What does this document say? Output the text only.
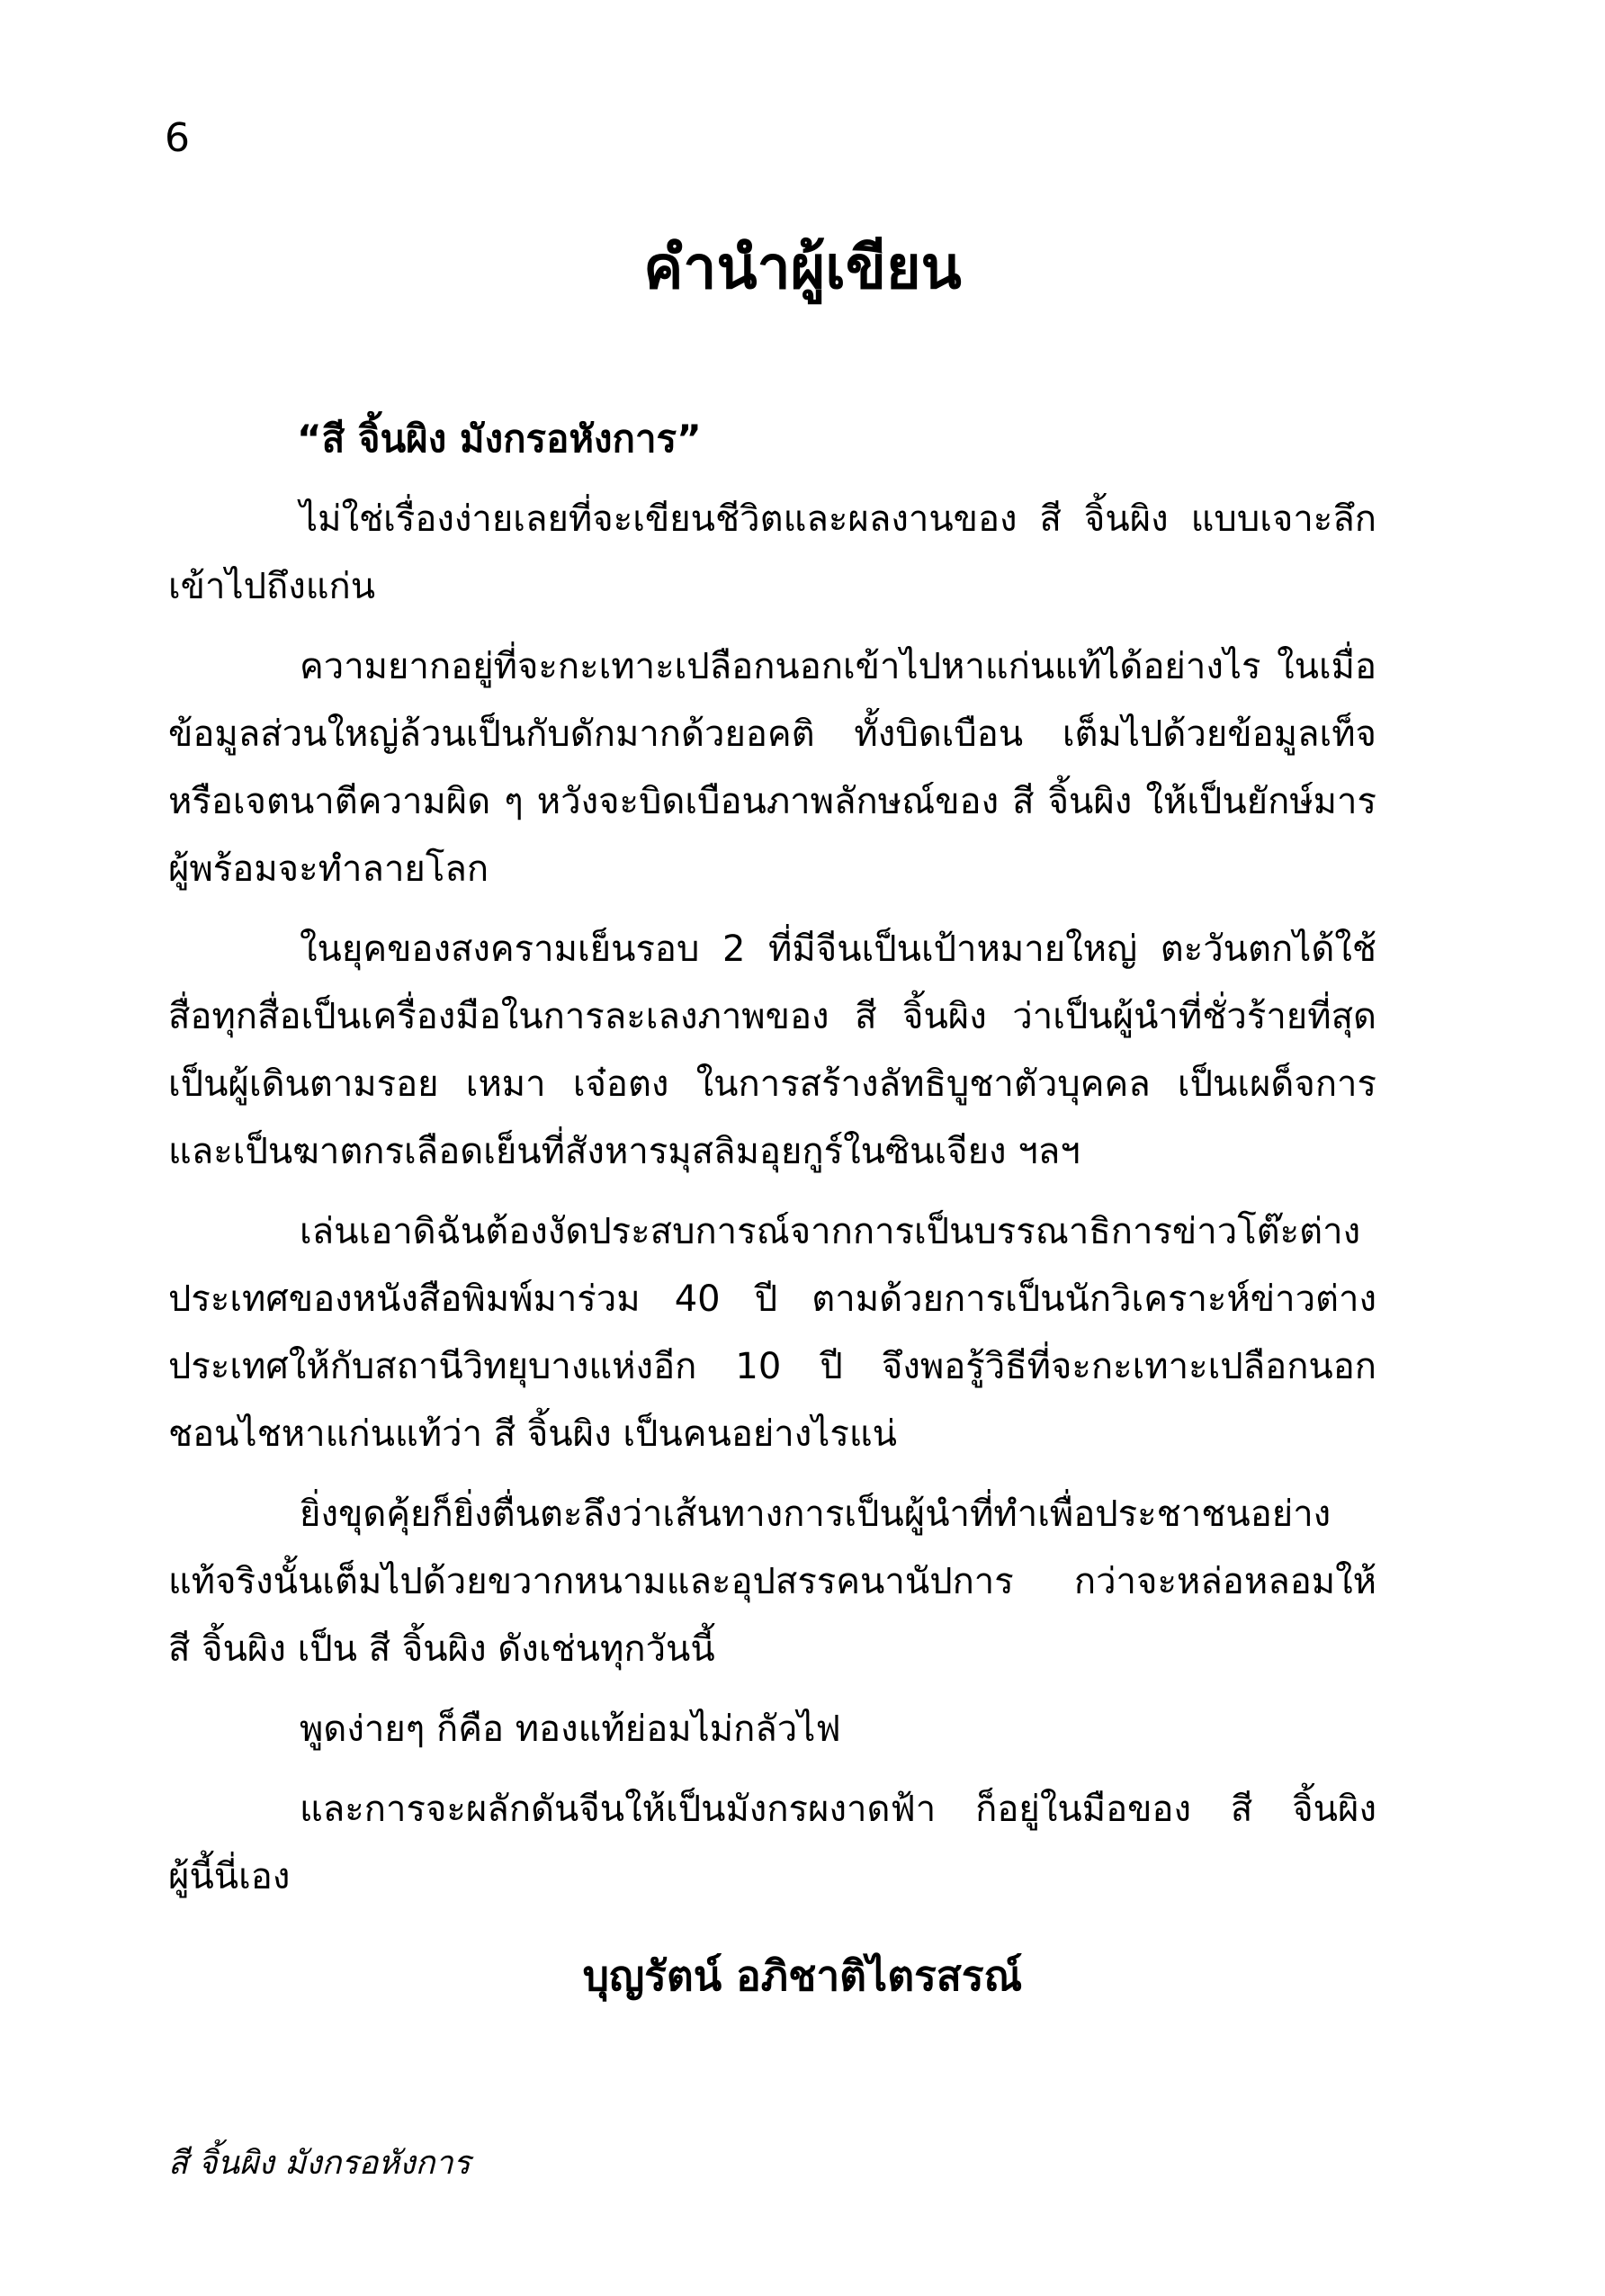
6
คำนำผู้เขียน
“สี จิ้นผิง มังกรอหังการ”
ไม่ใช่เรื่องง่ายเลยที่จะเขียนชีวิตและผลงานของ สี จิ้นผิง แบบเจาะลึก
เข้าไปถึงแก่น
ความยากอยู่ที่จะกะเทาะเปลือกนอกเข้าไปหาแก่นแท้ได้อย่างไร ในเมื่อ
ข้อมูลส่วนใหญ่ล้วนเป็นกับดักมากด้วยอคติ ทั้งบิดเบือน เต็มไปด้วยข้อมูลเท็จ
หรือเจตนาตีความผิด ๆ หวังจะบิดเบือนภาพลักษณ์ของ สี จิ้นผิง ให้เป็นยักษ์มาร
ผู้พร้อมจะทำลายโลก
ในยุคของสงครามเย็นรอบ 2 ที่มีจีนเป็นเป้าหมายใหญ่ ตะวันตกได้ใช้
สื่อทุกสื่อเป็นเครื่องมือในการละเลงภาพของ สี จิ้นผิง ว่าเป็นผู้นำที่ชั่วร้ายที่สุด
เป็นผู้เดินตามรอย เหมา เจ๋อตง ในการสร้างลัทธิบูชาตัวบุคคล เป็นเผด็จการ
และเป็นฆาตกรเลือดเย็นที่สังหารมุสลิมอุยกูร์ในซินเจียง ฯลฯ
เล่นเอาดิฉันต้องงัดประสบการณ์จากการเป็นบรรณาธิการข่าวโต๊ะต่าง
ประเทศของหนังสือพิมพ์มาร่วม 40 ปี ตามด้วยการเป็นนักวิเคราะห์ข่าวต่าง
ประเทศให้กับสถานีวิทยุบางแห่งอีก 10 ปี จึงพอรู้วิธีที่จะกะเทาะเปลือกนอก
ชอนไชหาแก่นแท้ว่า สี จิ้นผิง เป็นคนอย่างไรแน่
ยิ่งขุดคุ้ยก็ยิ่งตื่นตะลึงว่าเส้นทางการเป็นผู้นำที่ทำเพื่อประชาชนอย่าง
แท้จริงนั้นเต็มไปด้วยขวากหนามและอุปสรรคนานัปการ กว่าจะหล่อหลอมให้
สี จิ้นผิง เป็น สี จิ้นผิง ดังเช่นทุกวันนี้
พูดง่ายๆ ก็คือ ทองแท้ย่อมไม่กลัวไฟ
และการจะผลักดันจีนให้เป็นมังกรผงาดฟ้า ก็อยู่ในมือของ สี จิ้นผิง
ผู้นี้นี่เอง
บุญรัตน์ อภิชาติไตรสรณ์
สี จิ้นผิง มังกรอหังการ
